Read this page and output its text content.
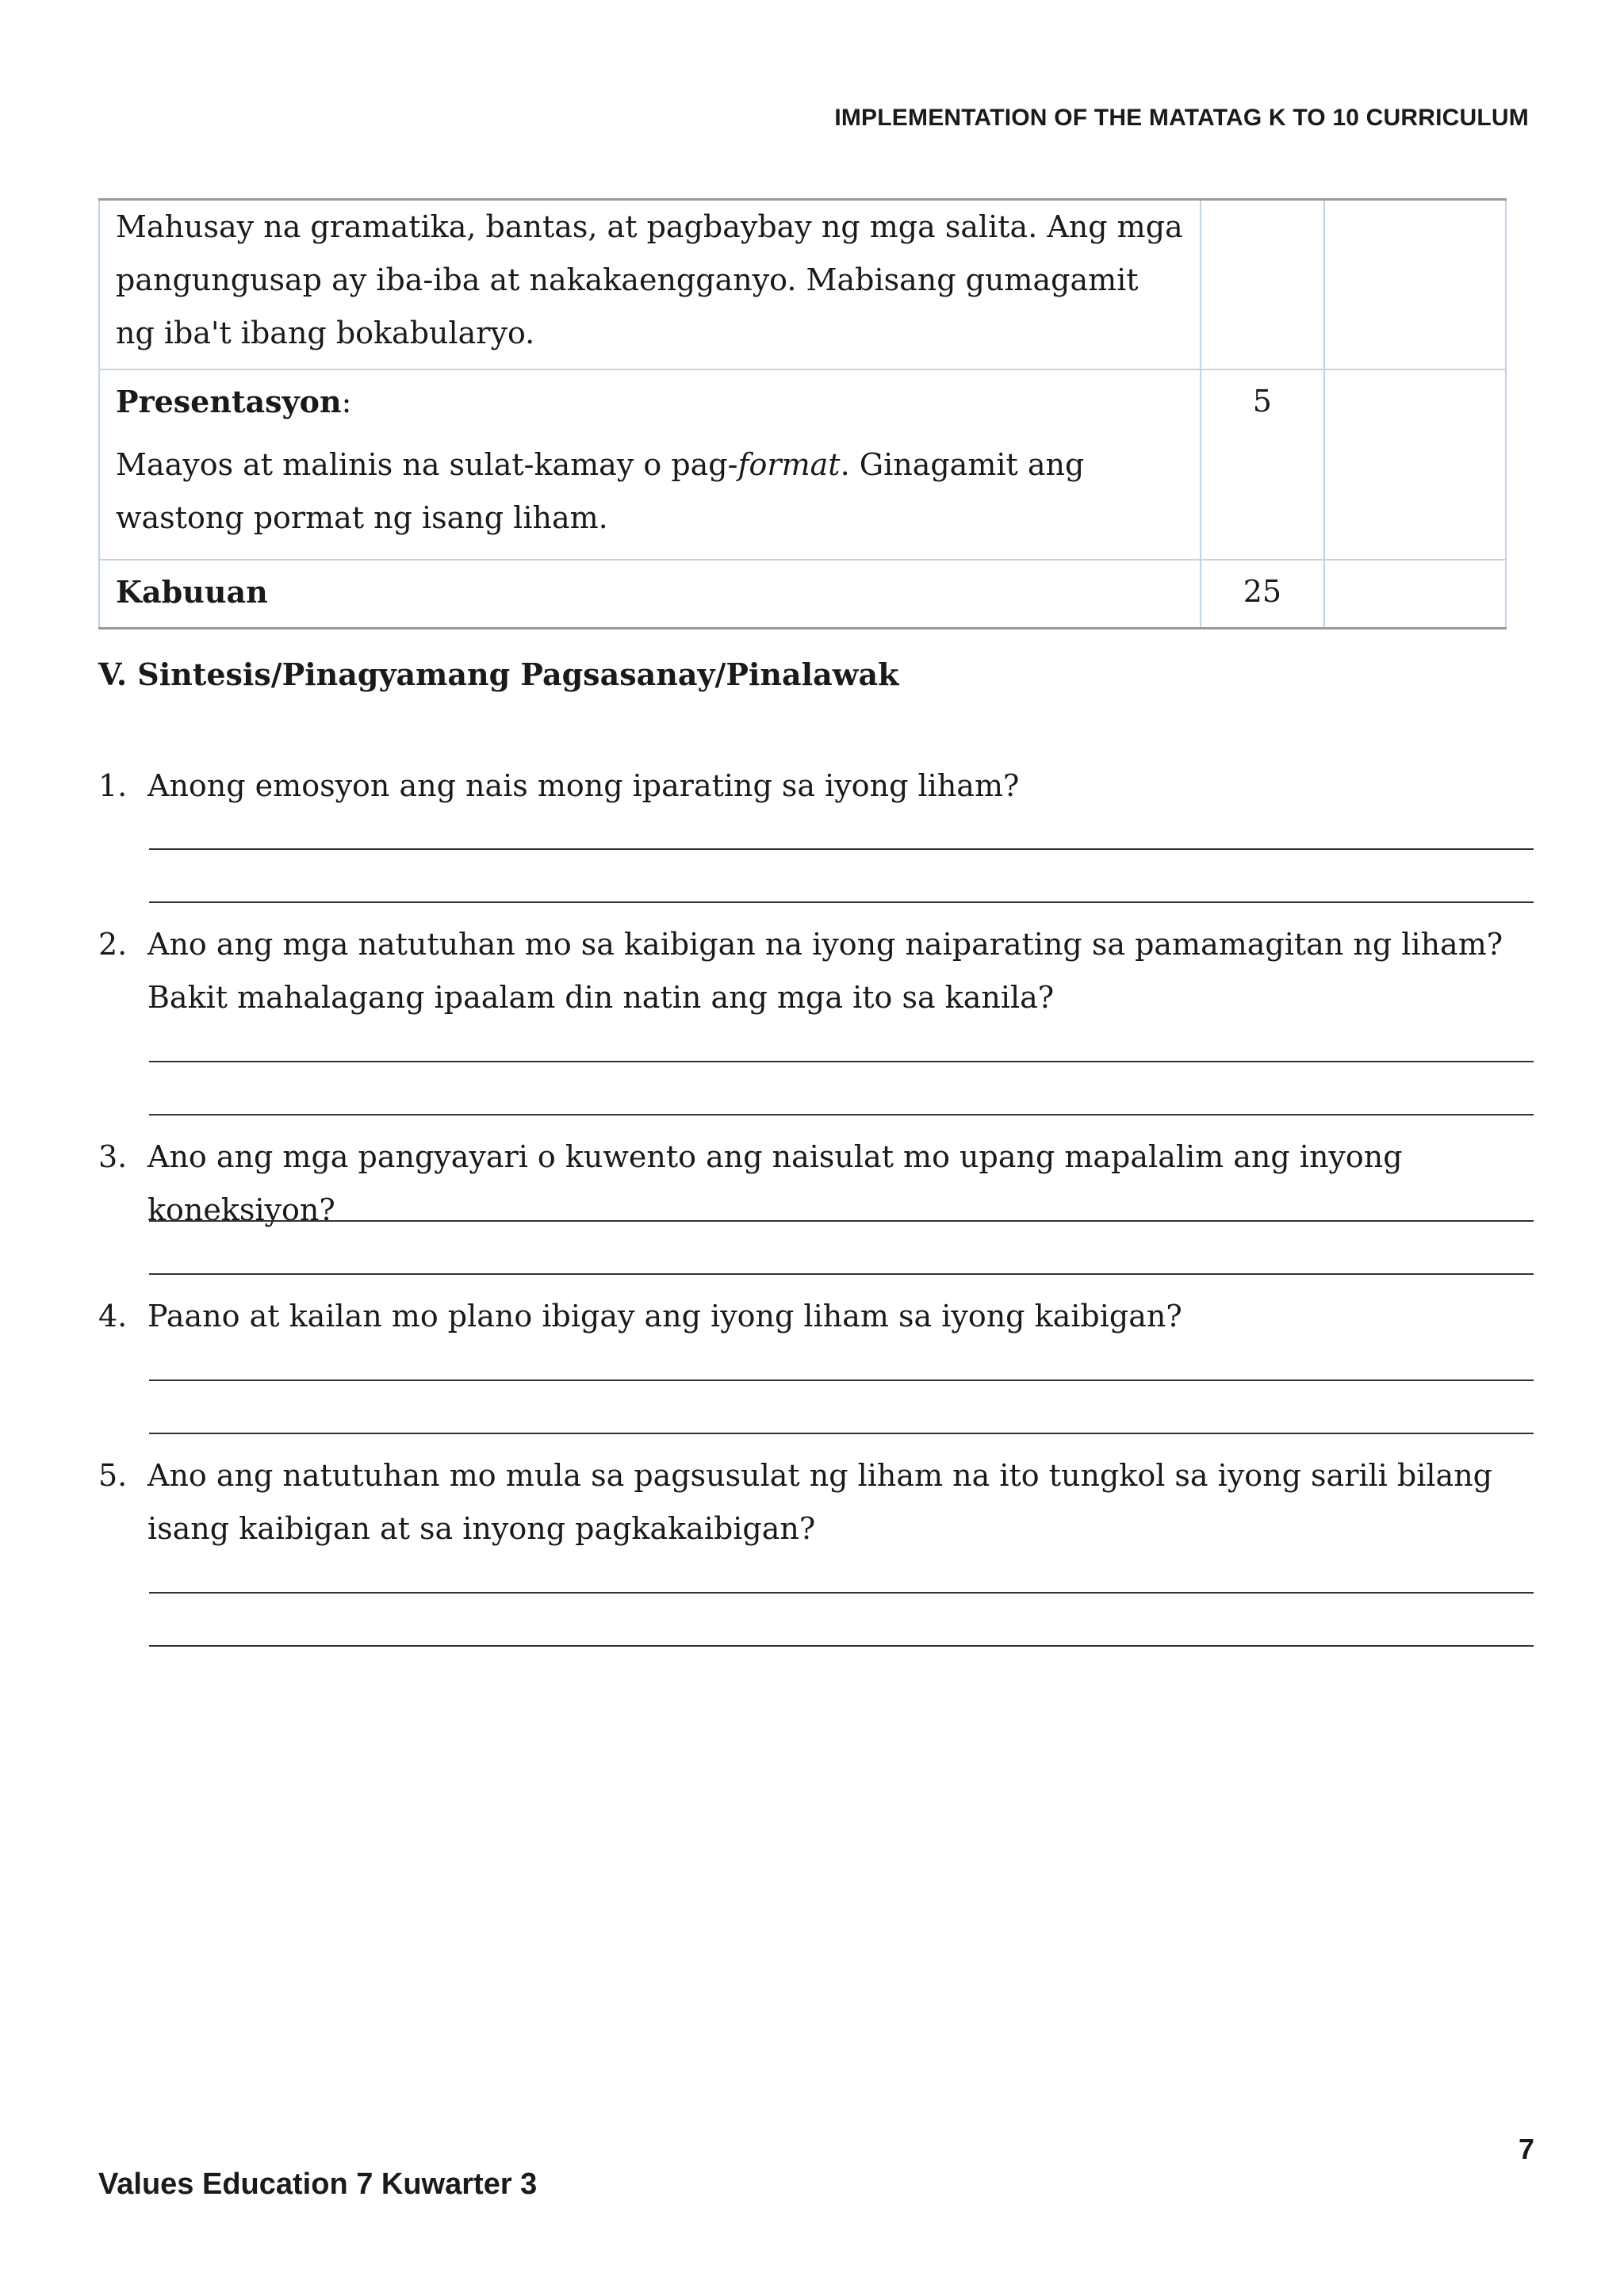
IMPLEMENTATION OF THE MATATAG K TO 10 CURRICULUM
Mahusay na gramatika, bantas, at pagbaybay ng mga salita. Ang mga pangungusap ay iba-iba at nakakaengganyo. Mabisang gumagamit ng iba't ibang bokabularyo.		
Presentasyon:
Maayos at malinis na sulat-kamay o pag-format. Ginagamit ang wastong pormat ng isang liham.	5	
Kabuuan	25	
V. Sintesis/Pinagyamang Pagsasanay/Pinalawak
1. Anong emosyon ang nais mong iparating sa iyong liham?
2. Ano ang mga natutuhan mo sa kaibigan na iyong naiparating sa pamamagitan ng liham? Bakit mahalagang ipaalam din natin ang mga ito sa kanila?
3. Ano ang mga pangyayari o kuwento ang naisulat mo upang mapalalim ang inyong koneksiyon?
4. Paano at kailan mo plano ibigay ang iyong liham sa iyong kaibigan?
5. Ano ang natutuhan mo mula sa pagsusulat ng liham na ito tungkol sa iyong sarili bilang isang kaibigan at sa inyong pagkakaibigan?
7
Values Education 7 Kuwarter 3
